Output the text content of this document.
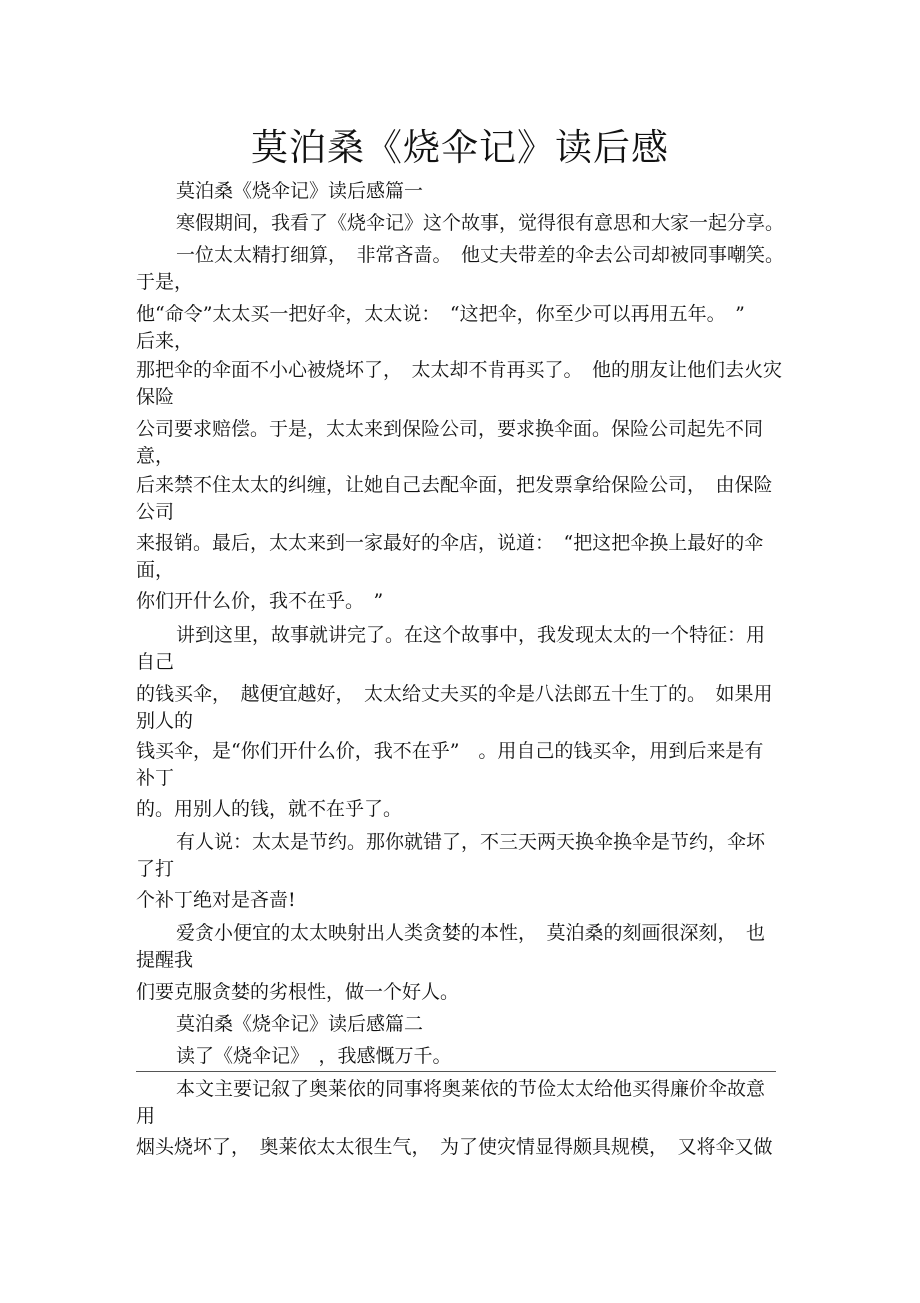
莫泊桑《烧伞记》读后感
莫泊桑《烧伞记》读后感篇一
寒假期间，我看了《烧伞记》这个故事，觉得很有意思和大家一起分享。
一位太太精打细算，　非常吝啬。　他丈夫带差的伞去公司却被同事嘲笑。
于是，
他“命令”太太买一把好伞，太太说：　“这把伞，你至少可以再用五年。　”
后来，
那把伞的伞面不小心被烧坏了，　太太却不肯再买了。　他的朋友让他们去火灾
保险
公司要求赔偿。于是，太太来到保险公司，要求换伞面。保险公司起先不同
意，
后来禁不住太太的纠缠，让她自己去配伞面，把发票拿给保险公司，　由保险
公司
来报销。最后，太太来到一家最好的伞店，说道：　“把这把伞换上最好的伞
面，
你们开什么价，我不在乎。　”
讲到这里，故事就讲完了。在这个故事中，我发现太太的一个特征：用
自己
的钱买伞，　越便宜越好，　太太给丈夫买的伞是八法郎五十生丁的。　如果用
别人的
钱买伞，是“你们开什么价，我不在乎”　。用自己的钱买伞，用到后来是有
补丁
的。用别人的钱，就不在乎了。
有人说：太太是节约。那你就错了，不三天两天换伞换伞是节约，伞坏
了打
个补丁绝对是吝啬!
爱贪小便宜的太太映射出人类贪婪的本性，　莫泊桑的刻画很深刻，　也
提醒我
们要克服贪婪的劣根性，做一个好人。
莫泊桑《烧伞记》读后感篇二
读了《烧伞记》　，我感慨万千。
本文主要记叙了奥莱依的同事将奥莱依的节俭太太给他买得廉价伞故意
用
烟头烧坏了，　奥莱依太太很生气，　为了使灾情显得颇具规模，　又将伞又做
